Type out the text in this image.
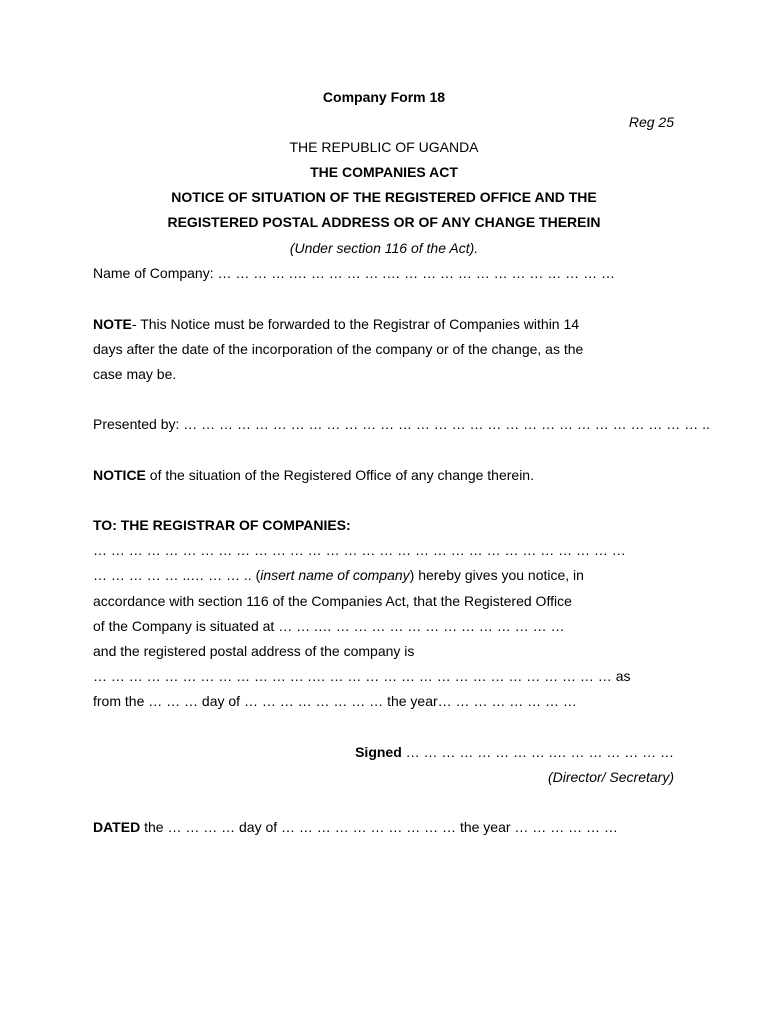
Company Form 18
Reg 25
THE REPUBLIC OF UGANDA
THE COMPANIES ACT
NOTICE OF SITUATION OF THE REGISTERED OFFICE AND THE
REGISTERED POSTAL ADDRESS OR OF ANY CHANGE THEREIN
(Under section 116 of the Act).
Name of Company: … … … … .… … … … … .… … … … … … … … … … … … …
NOTE- This Notice must be forwarded to the Registrar of Companies within 14
days after the date of the incorporation of the company or of the change, as the
case may be.
Presented by: … … … … … … … … … … … … … … … … … … … … … … … … … … … … … ..
NOTICE of the situation of the Registered Office of any change therein.
TO: THE REGISTRAR OF COMPANIES:
… … … … … … … … … … … … … … … … … … … … … … … … … … … … … …
… … … … … ..… … … .. (insert name of company) hereby gives you notice, in
accordance with section 116 of the Companies Act, that the Registered Office
of the Company is situated at … … .… … … … … … … … … … … … … …
and the registered postal address of the company is
… … … … … … … … … … … … .… … … … … … … … … … … … … … … … … as
from the … … … day of … … … … … … … … the year… … … … … … … …
Signed … … … … … … … … .… … … … … … …
(Director/ Secretary)
DATED the … … … … day of … … … … … … … … … … the year … … … … … …
